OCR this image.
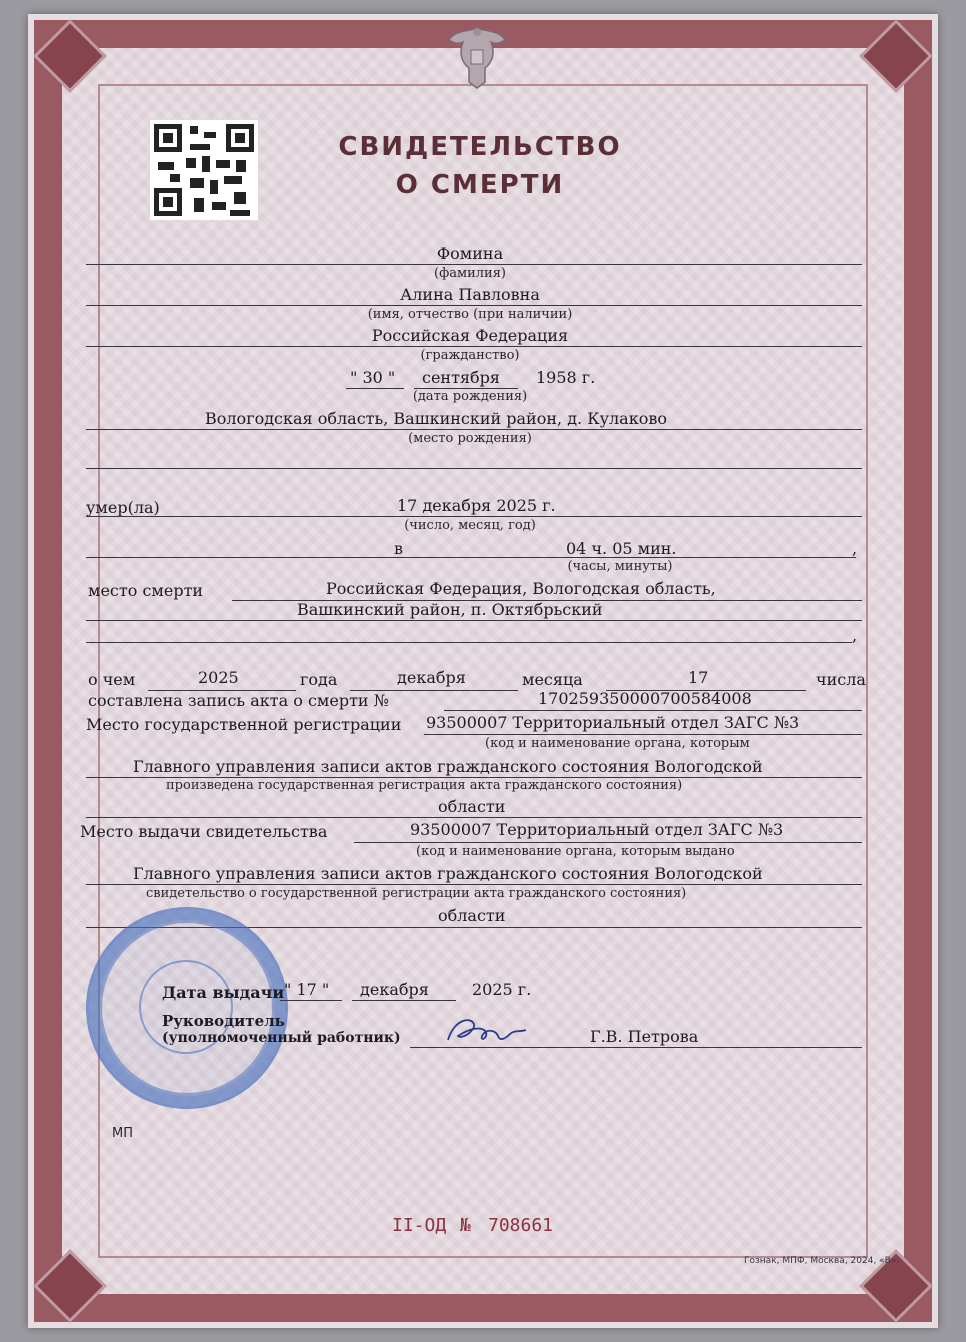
СВИДЕТЕЛЬСТВО
О СМЕРТИ
Фомина
(фамилия)
Алина Павловна
(имя, отчество (при наличии)
Российская Федерация
(гражданство)
" 30 " сентября 1958 г.
(дата рождения)
Вологодская область, Вашкинский район, д. Кулаково
(место рождения)
умер(ла)	17 декабря 2025 г.
(число, месяц, год)
в	04 ч. 05 мин.	,
(часы, минуты)
место смерти	Российская Федерация, Вологодская область,
Вашкинский район, п. Октябрьский
,
о чем	2025	года	декабря	месяца	17	числа
составлена запись акта о смерти №	170259350000700584008
Место государственной регистрации 93500007 Территориальный отдел ЗАГС №3
(код и наименование органа, которым
Главного управления записи актов гражданского состояния Вологодской
произведена государственная регистрация акта гражданского состояния)
области
Место выдачи свидетельства	93500007 Территориальный отдел ЗАГС №3
(код и наименование органа, которым выдано
Главного управления записи актов гражданского состояния Вологодской
свидетельство о государственной регистрации акта гражданского состояния)
области
Дата выдачи " 17 " декабря	2025 г.
Руководитель
(уполномоченный работник)	Г.В. Петрова
МП
II-ОД № 708661
Гознак, МПФ, Москва, 2024, «В».
